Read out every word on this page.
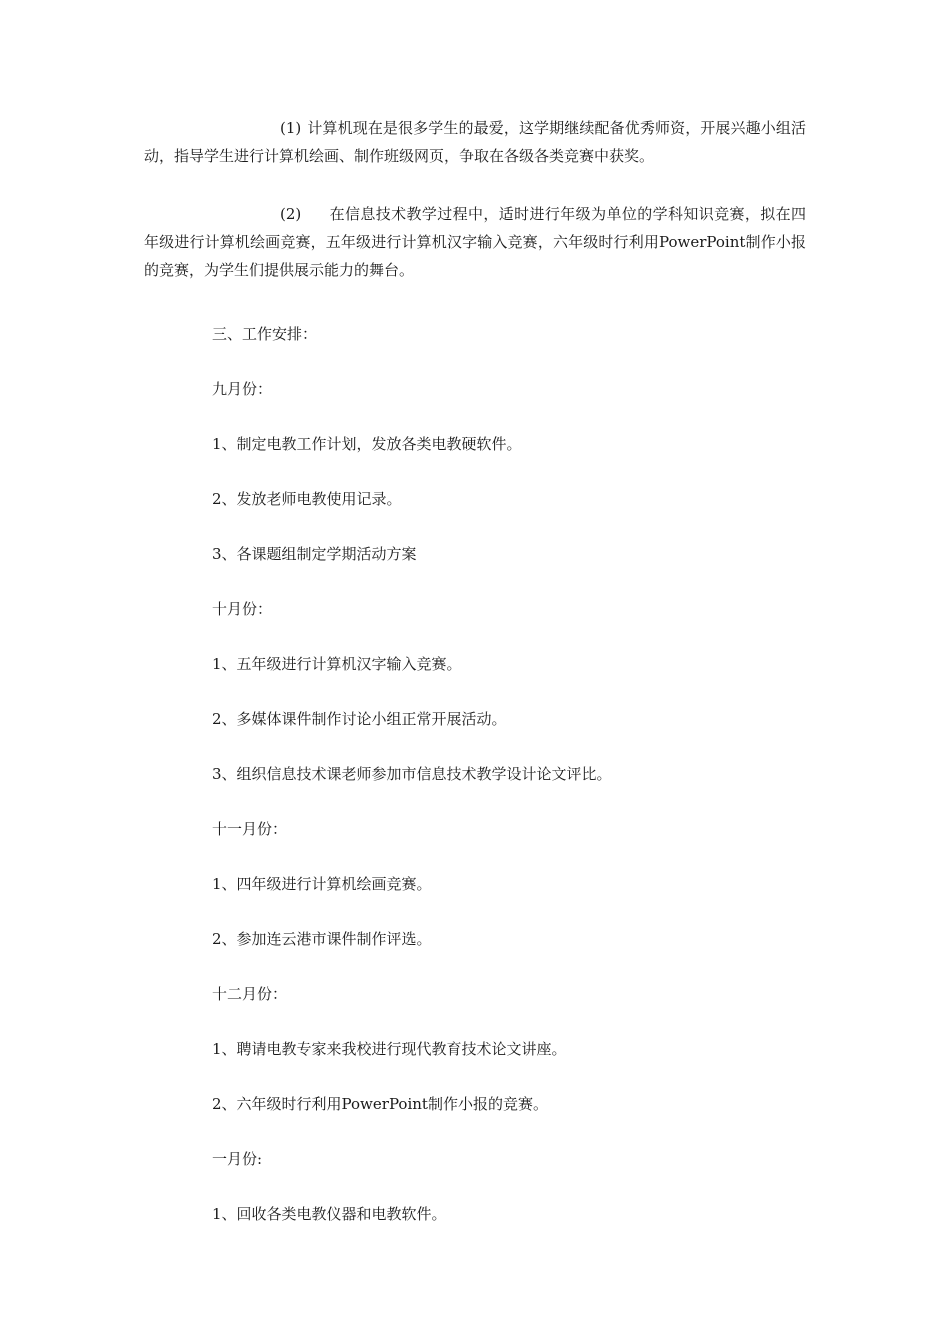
(1) 计算机现在是很多学生的最爱，这学期继续配备优秀师资，开展兴趣小组活动，指导学生进行计算机绘画、制作班级网页，争取在各级各类竞赛中获奖。

(2) 在信息技术教学过程中，适时进行年级为单位的学科知识竞赛，拟在四年级进行计算机绘画竞赛，五年级进行计算机汉字输入竞赛，六年级时行利用PowerPoint制作小报的竞赛，为学生们提供展示能力的舞台。

三、工作安排：

九月份：

1、制定电教工作计划，发放各类电教硬软件。

2、发放老师电教使用记录。

3、各课题组制定学期活动方案

十月份：

1、五年级进行计算机汉字输入竞赛。

2、多媒体课件制作讨论小组正常开展活动。

3、组织信息技术课老师参加市信息技术教学设计论文评比。

十一月份：

1、四年级进行计算机绘画竞赛。

2、参加连云港市课件制作评选。

十二月份：

1、聘请电教专家来我校进行现代教育技术论文讲座。

2、六年级时行利用PowerPoint制作小报的竞赛。

一月份:

1、回收各类电教仪器和电教软件。
